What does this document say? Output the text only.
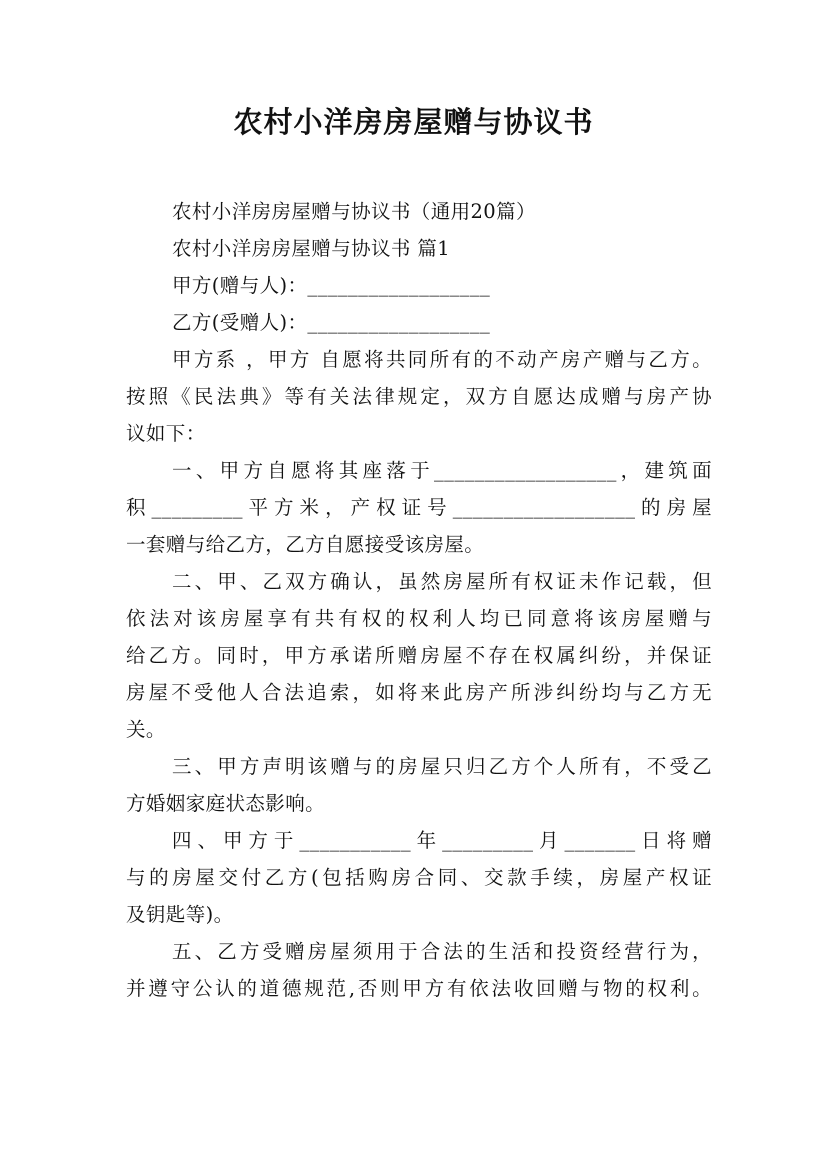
农村小洋房房屋赠与协议书
农村小洋房房屋赠与协议书（通用20篇）
农村小洋房房屋赠与协议书 篇1
甲方(赠与人)：__________________
乙方(受赠人)：__________________
甲方系 ，甲方 自愿将共同所有的不动产房产赠与乙方。
按照《民法典》等有关法律规定，双方自愿达成赠与房产协
议如下：
一、甲方自愿将其座落于__________________，建筑面
积_________平方米，产权证号__________________的房屋
一套赠与给乙方，乙方自愿接受该房屋。
二、甲、乙双方确认，虽然房屋所有权证未作记载，但
依法对该房屋享有共有权的权利人均已同意将该房屋赠与
给乙方。同时，甲方承诺所赠房屋不存在权属纠纷，并保证
房屋不受他人合法追索，如将来此房产所涉纠纷均与乙方无
关。
三、甲方声明该赠与的房屋只归乙方个人所有，不受乙
方婚姻家庭状态影响。
四、甲方于___________年_________月_______日将赠
与的房屋交付乙方(包括购房合同、交款手续，房屋产权证
及钥匙等)。
五、乙方受赠房屋须用于合法的生活和投资经营行为，
并遵守公认的道德规范,否则甲方有依法收回赠与物的权利。
